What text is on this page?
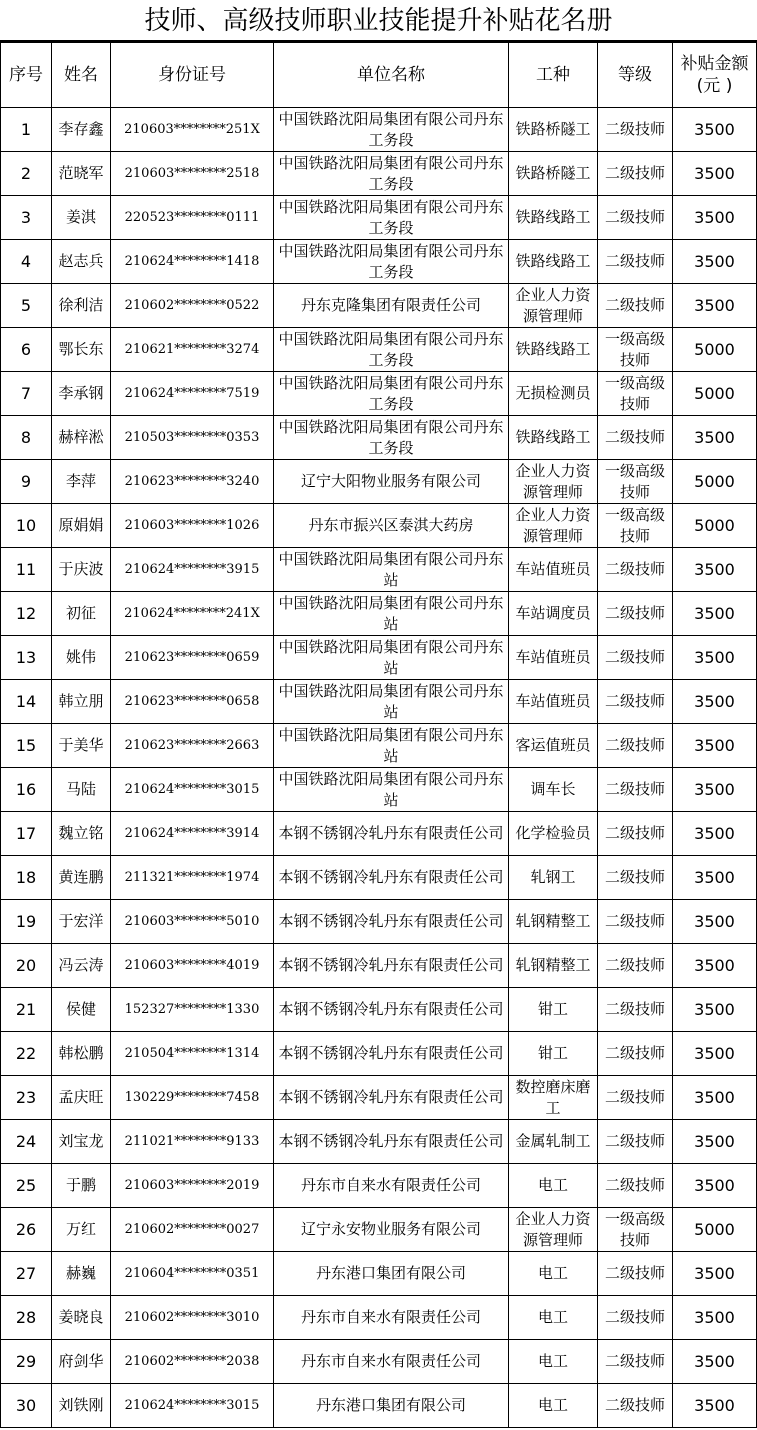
技师、高级技师职业技能提升补贴花名册
序号	姓名	身份证号	单位名称	工种	等级	补贴金额(元 )
1	李存鑫	210603********251X	中国铁路沈阳局集团有限公司丹东工务段	铁路桥隧工	二级技师	3500
2	范晓军	210603********2518	中国铁路沈阳局集团有限公司丹东工务段	铁路桥隧工	二级技师	3500
3	姜淇	220523********0111	中国铁路沈阳局集团有限公司丹东工务段	铁路线路工	二级技师	3500
4	赵志兵	210624********1418	中国铁路沈阳局集团有限公司丹东工务段	铁路线路工	二级技师	3500
5	徐利洁	210602********0522	丹东克隆集团有限责任公司	企业人力资源管理师	二级技师	3500
6	鄂长东	210621********3274	中国铁路沈阳局集团有限公司丹东工务段	铁路线路工	一级高级技师	5000
7	李承钢	210624********7519	中国铁路沈阳局集团有限公司丹东工务段	无损检测员	一级高级技师	5000
8	赫梓淞	210503********0353	中国铁路沈阳局集团有限公司丹东工务段	铁路线路工	二级技师	3500
9	李萍	210623********3240	辽宁大阳物业服务有限公司	企业人力资源管理师	一级高级技师	5000
10	原娟娟	210603********1026	丹东市振兴区泰淇大药房	企业人力资源管理师	一级高级技师	5000
11	于庆波	210624********3915	中国铁路沈阳局集团有限公司丹东站	车站值班员	二级技师	3500
12	初征	210624********241X	中国铁路沈阳局集团有限公司丹东站	车站调度员	二级技师	3500
13	姚伟	210623********0659	中国铁路沈阳局集团有限公司丹东站	车站值班员	二级技师	3500
14	韩立朋	210623********0658	中国铁路沈阳局集团有限公司丹东站	车站值班员	二级技师	3500
15	于美华	210623********2663	中国铁路沈阳局集团有限公司丹东站	客运值班员	二级技师	3500
16	马陆	210624********3015	中国铁路沈阳局集团有限公司丹东站	调车长	二级技师	3500
17	魏立铭	210624********3914	本钢不锈钢冷轧丹东有限责任公司	化学检验员	二级技师	3500
18	黄连鹏	211321********1974	本钢不锈钢冷轧丹东有限责任公司	轧钢工	二级技师	3500
19	于宏洋	210603********5010	本钢不锈钢冷轧丹东有限责任公司	轧钢精整工	二级技师	3500
20	冯云涛	210603********4019	本钢不锈钢冷轧丹东有限责任公司	轧钢精整工	二级技师	3500
21	侯健	152327********1330	本钢不锈钢冷轧丹东有限责任公司	钳工	二级技师	3500
22	韩松鹏	210504********1314	本钢不锈钢冷轧丹东有限责任公司	钳工	二级技师	3500
23	孟庆旺	130229********7458	本钢不锈钢冷轧丹东有限责任公司	数控磨床磨工	二级技师	3500
24	刘宝龙	211021********9133	本钢不锈钢冷轧丹东有限责任公司	金属轧制工	二级技师	3500
25	于鹏	210603********2019	丹东市自来水有限责任公司	电工	二级技师	3500
26	万红	210602********0027	辽宁永安物业服务有限公司	企业人力资源管理师	一级高级技师	5000
27	赫巍	210604********0351	丹东港口集团有限公司	电工	二级技师	3500
28	姜晓良	210602********3010	丹东市自来水有限责任公司	电工	二级技师	3500
29	府剑华	210602********2038	丹东市自来水有限责任公司	电工	二级技师	3500
30	刘铁刚	210624********3015	丹东港口集团有限公司	电工	二级技师	3500
